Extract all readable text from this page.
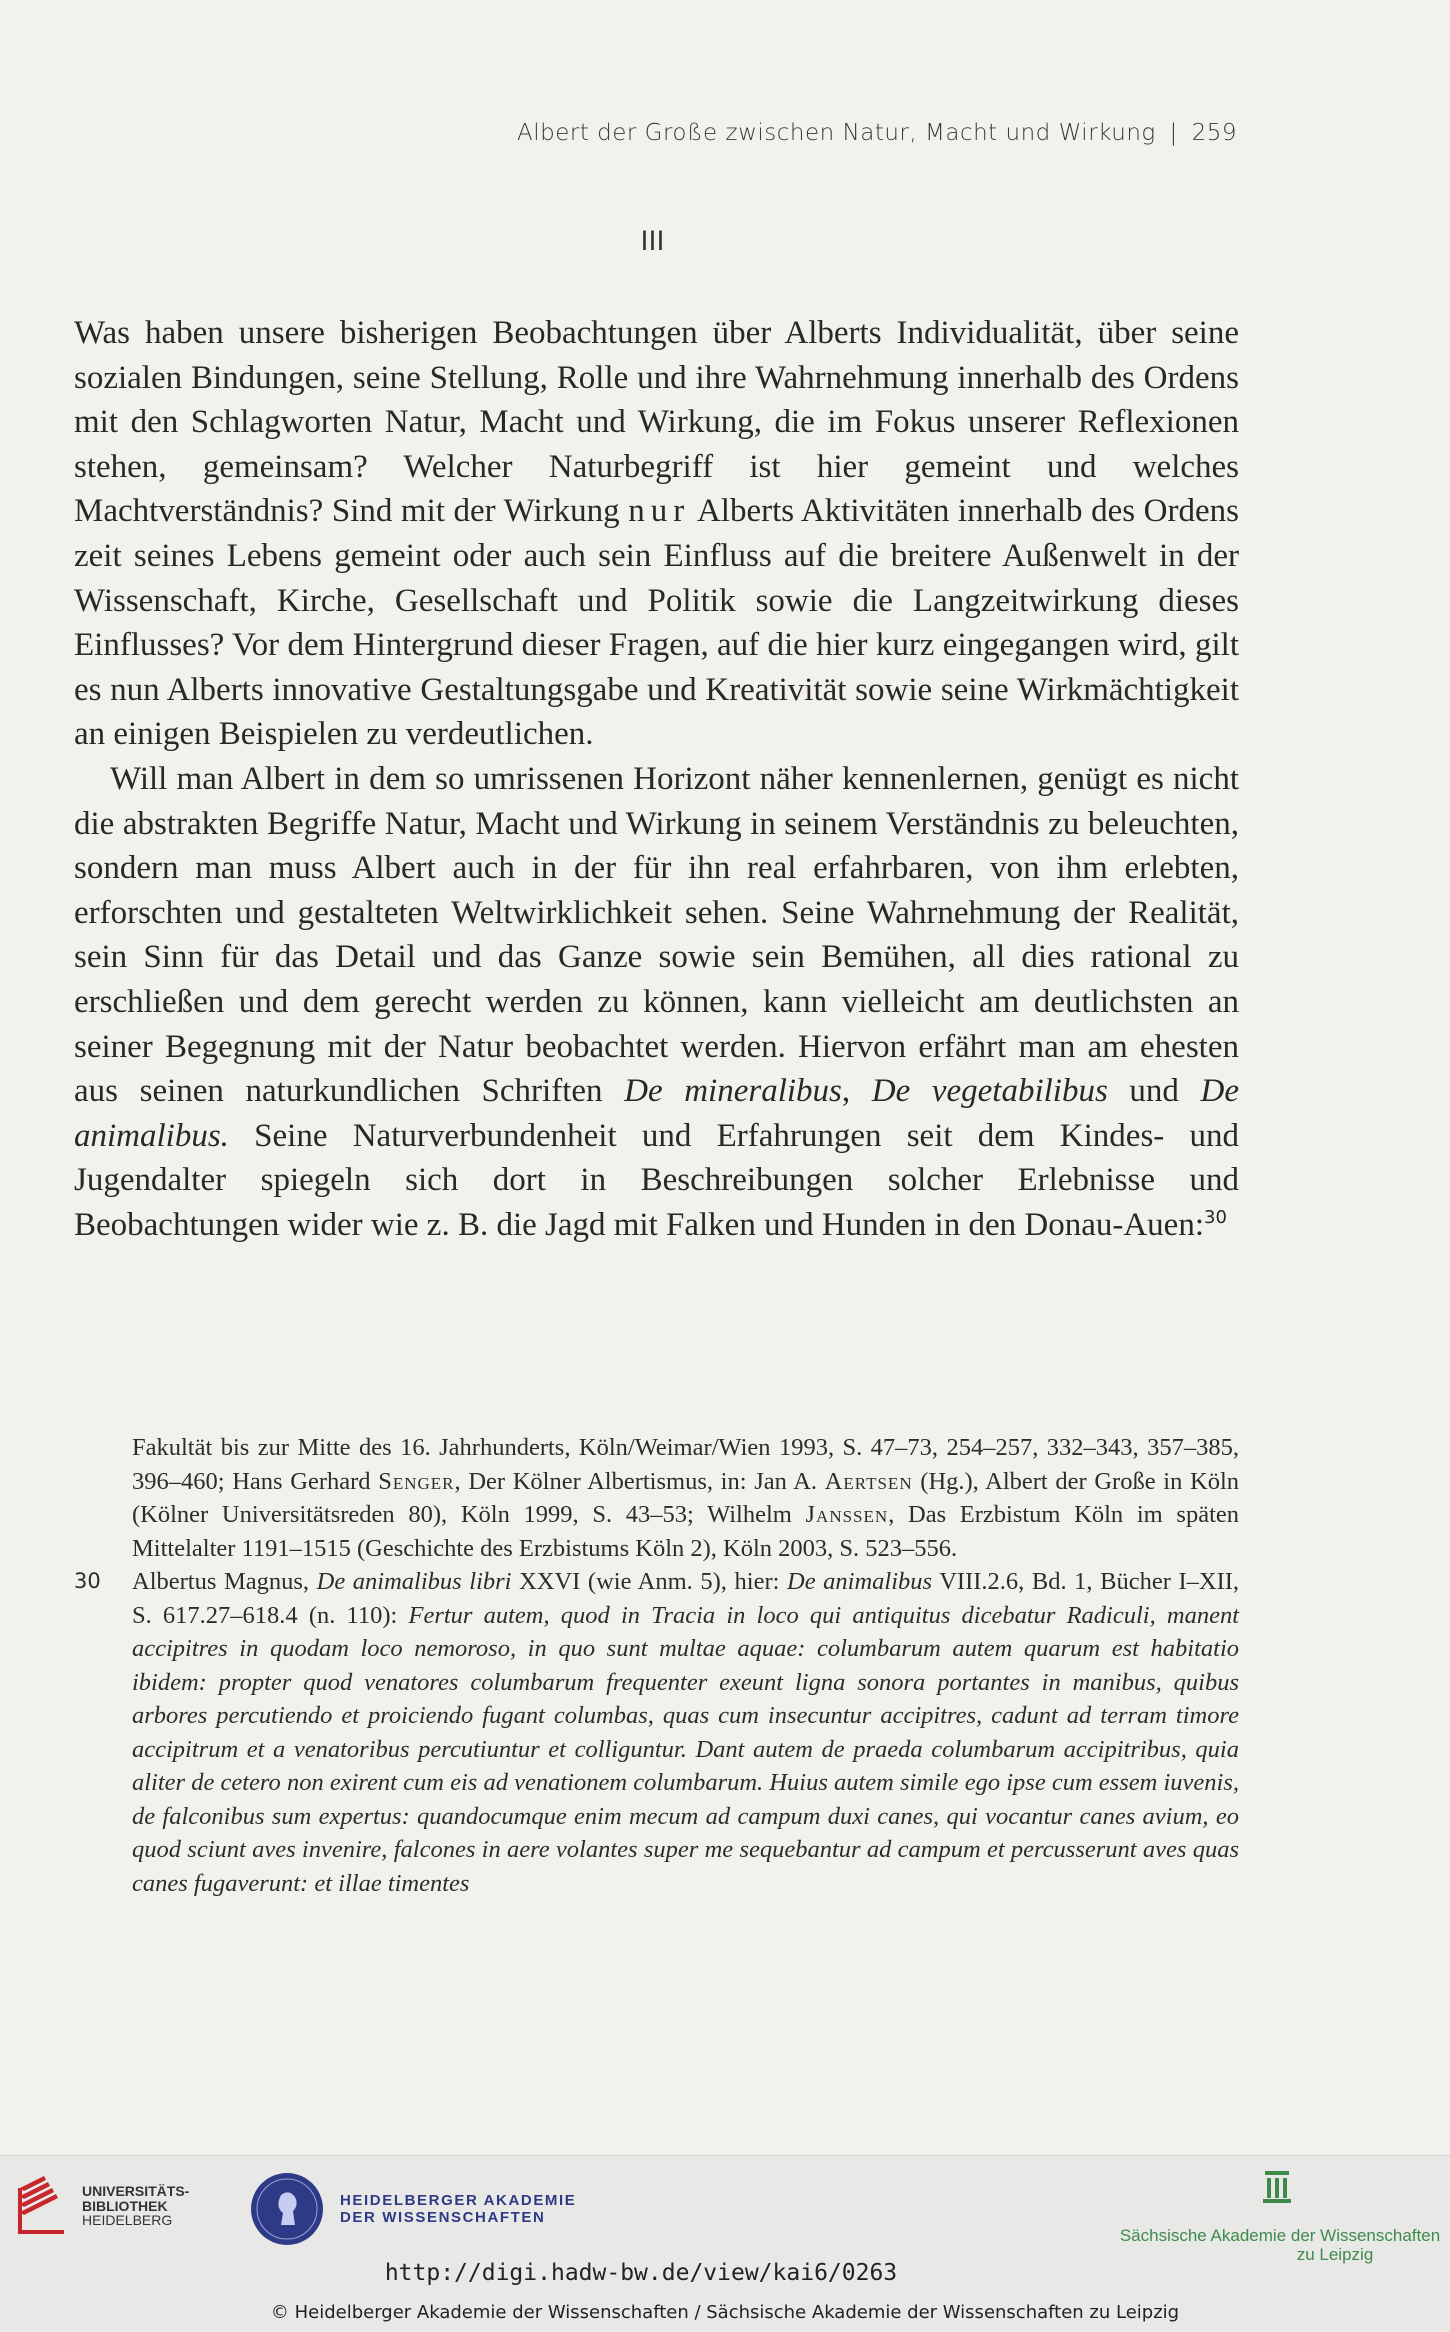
Albert der Große zwischen Natur, Macht und Wirkung | 259
III

Was haben unsere bisherigen Beobachtungen über Alberts Individualität, über seine sozialen Bindungen, seine Stellung, Rolle und ihre Wahrnehmung innerhalb des Ordens mit den Schlagworten Natur, Macht und Wirkung, die im Fokus unserer Reflexionen stehen, gemeinsam? Welcher Naturbegriff ist hier gemeint und welches Machtverständnis? Sind mit der Wirkung nur Alberts Aktivitäten innerhalb des Ordens zeit seines Lebens gemeint oder auch sein Einfluss auf die breitere Außenwelt in der Wissenschaft, Kirche, Gesellschaft und Politik sowie die Langzeitwirkung dieses Einflusses? Vor dem Hintergrund dieser Fragen, auf die hier kurz eingegangen wird, gilt es nun Alberts innovative Gestaltungsgabe und Kreativität sowie seine Wirkmächtigkeit an einigen Beispielen zu verdeutlichen.

Will man Albert in dem so umrissenen Horizont näher kennenlernen, genügt es nicht die abstrakten Begriffe Natur, Macht und Wirkung in seinem Verständnis zu beleuchten, sondern man muss Albert auch in der für ihn real erfahrbaren, von ihm erlebten, erforschten und gestalteten Weltwirklichkeit sehen. Seine Wahrnehmung der Realität, sein Sinn für das Detail und das Ganze sowie sein Bemühen, all dies rational zu erschließen und dem gerecht werden zu können, kann vielleicht am deutlichsten an seiner Begegnung mit der Natur beobachtet werden. Hiervon erfährt man am ehesten aus seinen naturkundlichen Schriften De mineralibus, De vegetabilibus und De animalibus. Seine Naturverbundenheit und Erfahrungen seit dem Kindes- und Jugendalter spiegeln sich dort in Beschreibungen solcher Erlebnisse und Beobachtungen wider wie z. B. die Jagd mit Falken und Hunden in den Donau-Auen:$^{30}$

Fakultät bis zur Mitte des 16. Jahrhunderts, Köln/Weimar/Wien 1993, S. 47–73, 254–257, 332–343, 357–385, 396–460; Hans Gerhard Senger, Der Kölner Albertismus, in: Jan A. Aertsen (Hg.), Albert der Große in Köln (Kölner Universitätsreden 80), Köln 1999, S. 43–53; Wilhelm Janssen, Das Erzbistum Köln im späten Mittelalter 1191–1515 (Geschichte des Erzbistums Köln 2), Köln 2003, S. 523–556.

30 Albertus Magnus, De animalibus libri XXVI (wie Anm. 5), hier: De animalibus VIII.2.6, Bd. 1, Bücher I–XII, S. 617.27–618.4 (n. 110): Fertur autem, quod in Tracia in loco qui antiquitus dicebatur Radiculi, manent accipitres in quodam loco nemoroso, in quo sunt multae aquae: columbarum autem quarum est habitatio ibidem: propter quod venatores columbarum frequenter exeunt ligna sonora portantes in manibus, quibus arbores percutiendo et proiciendo fugant columbas, quas cum insecuntur accipitres, cadunt ad terram timore accipitrum et a venatoribus percutiuntur et colliguntur. Dant autem de praeda columbarum accipitribus, quia aliter de cetero non exirent cum eis ad venationem columbarum. Huius autem simile ego ipse cum essem iuvenis, de falconibus sum expertus: quandocumque enim mecum ad campum duxi canes, qui vocantur canes avium, eo quod sciunt aves invenire, falcones in aere volantes super me sequebantur ad campum et percusserunt aves quas canes fugaverunt: et illae timentes

UNIVERSITÄTS-
BIBLIOTHEK
HEIDELBERG
HEIDELBERGER AKADEMIE
DER WISSENSCHAFTEN
Sächsische Akademie der Wissenschaften
zu Leipzig
http://digi.hadw-bw.de/view/kai6/0263
© Heidelberger Akademie der Wissenschaften / Sächsische Akademie der Wissenschaften zu Leipzig
